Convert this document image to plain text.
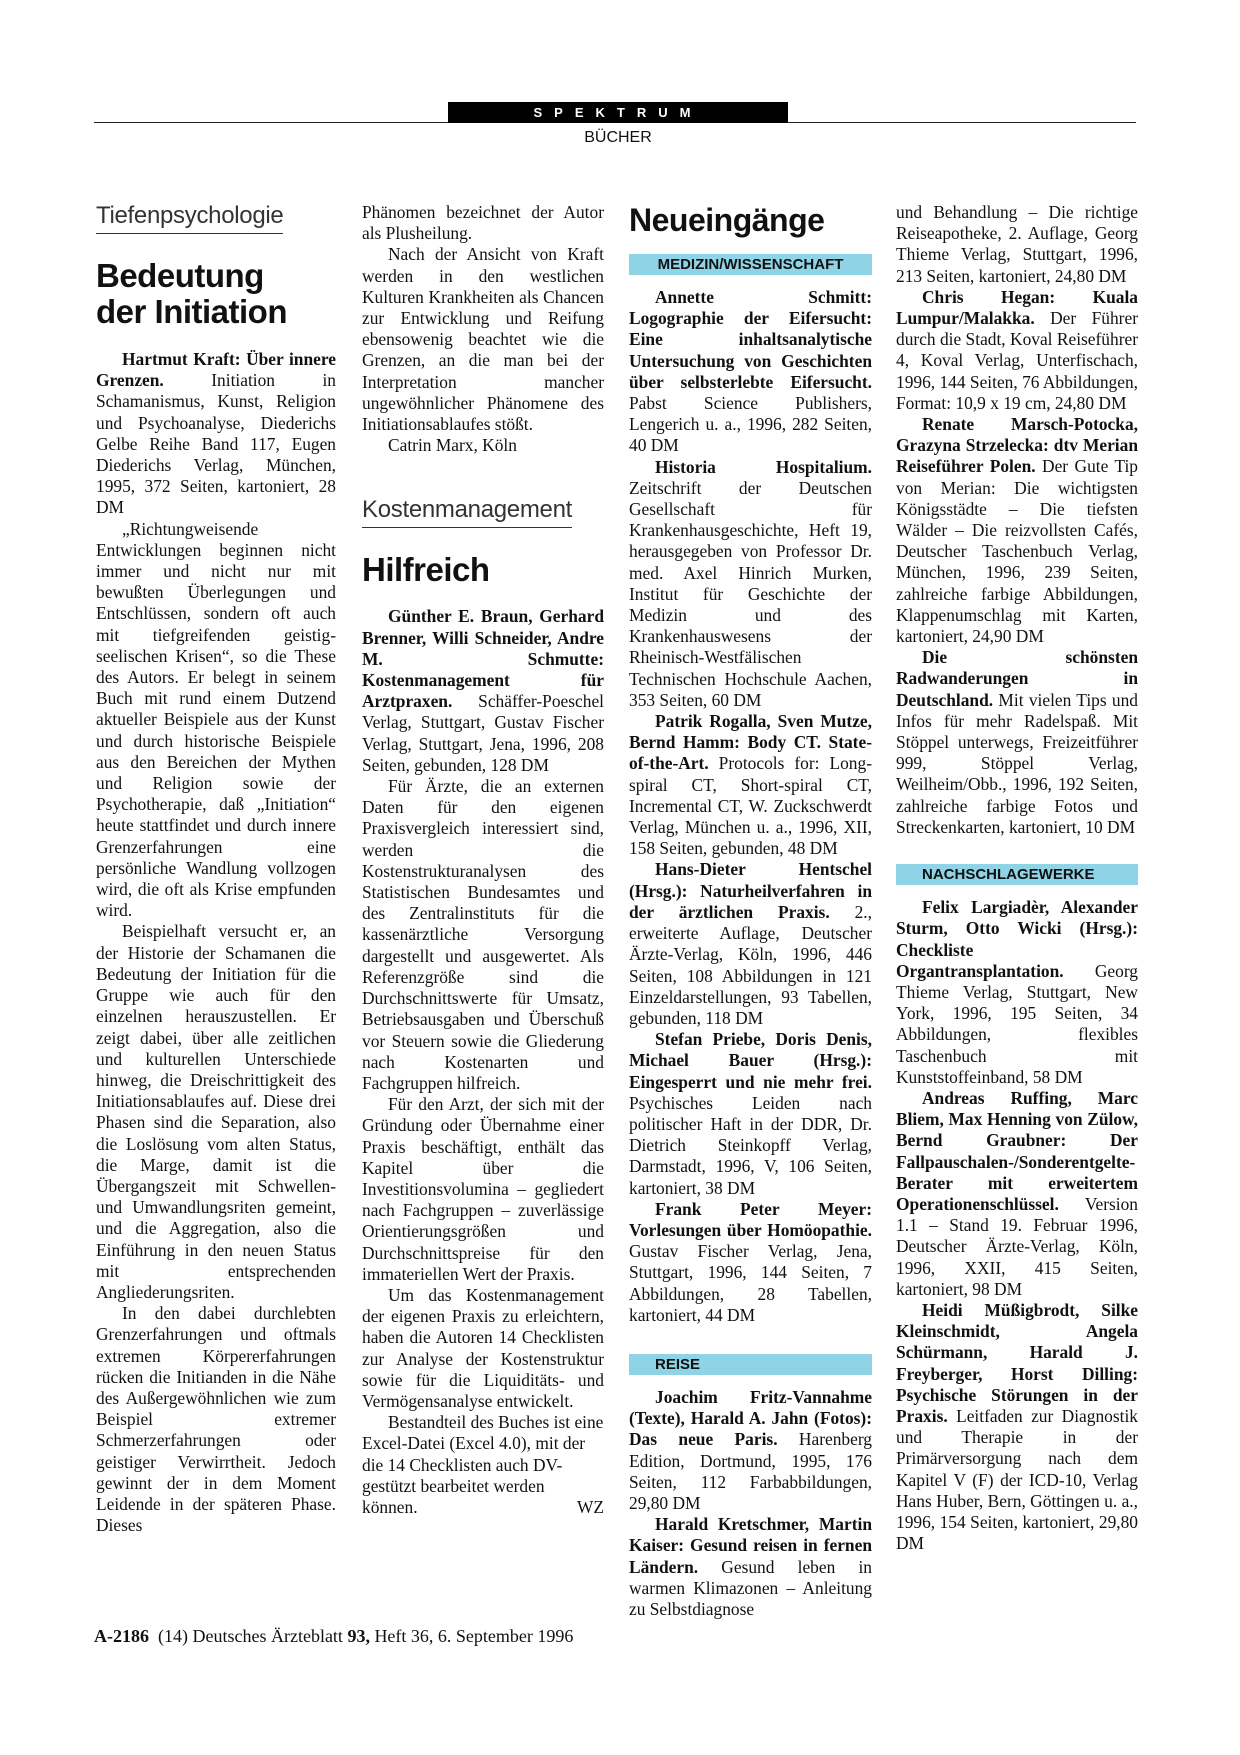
SPEKTRUM
BÜCHER
Tiefenpsychologie
Bedeutung
der Initiation

Hartmut Kraft: Über innere Grenzen. Initiation in Schamanismus, Kunst, Religion und Psychoanalyse, Diederichs Gelbe Reihe Band 117, Eugen Diederichs Verlag, München, 1995, 372 Seiten, kartoniert, 28 DM

„Richtungweisende Entwicklungen beginnen nicht immer und nicht nur mit bewußten Überlegungen und Entschlüssen, sondern oft auch mit tiefgreifenden geistig-seelischen Krisen“, so die These des Autors. Er belegt in seinem Buch mit rund einem Dutzend aktueller Beispiele aus der Kunst und durch historische Beispiele aus den Bereichen der Mythen und Religion sowie der Psychotherapie, daß „Initiation“ heute stattfindet und durch innere Grenzerfahrungen eine persönliche Wandlung vollzogen wird, die oft als Krise empfunden wird.

Beispielhaft versucht er, an der Historie der Schamanen die Bedeutung der Initiation für die Gruppe wie auch für den einzelnen herauszustellen. Er zeigt dabei, über alle zeitlichen und kulturellen Unterschiede hinweg, die Dreischrittigkeit des Initiationsablaufes auf. Diese drei Phasen sind die Separation, also die Loslösung vom alten Status, die Marge, damit ist die Übergangszeit mit Schwellen- und Umwandlungsriten gemeint, und die Aggregation, also die Einführung in den neuen Status mit entsprechenden Angliederungsriten.

In den dabei durchlebten Grenzerfahrungen und oftmals extremen Körpererfahrungen rücken die Initianden in die Nähe des Außergewöhnlichen wie zum Beispiel extremer Schmerzerfahrungen oder geistiger Verwirrtheit. Jedoch gewinnt der in dem Moment Leidende in der späteren Phase. Dieses

Phänomen bezeichnet der Autor als Plusheilung.

Nach der Ansicht von Kraft werden in den westlichen Kulturen Krankheiten als Chancen zur Entwicklung und Reifung ebensowenig beachtet wie die Grenzen, an die man bei der Interpretation mancher ungewöhnlicher Phänomene des Initiationsablaufes stößt.

Catrin Marx, Köln

Kostenmanagement
Hilfreich

Günther E. Braun, Gerhard Brenner, Willi Schneider, Andre M. Schmutte: Kostenmanagement für Arztpraxen. Schäffer-Poeschel Verlag, Stuttgart, Gustav Fischer Verlag, Stuttgart, Jena, 1996, 208 Seiten, gebunden, 128 DM

Für Ärzte, die an externen Daten für den eigenen Praxisvergleich interessiert sind, werden die Kostenstrukturanalysen des Statistischen Bundesamtes und des Zentralinstituts für die kassenärztliche Versorgung dargestellt und ausgewertet. Als Referenzgröße sind die Durchschnittswerte für Umsatz, Betriebsausgaben und Überschuß vor Steuern sowie die Gliederung nach Kostenarten und Fachgruppen hilfreich.

Für den Arzt, der sich mit der Gründung oder Übernahme einer Praxis beschäftigt, enthält das Kapitel über die Investitionsvolumina – gegliedert nach Fachgruppen – zuverlässige Orientierungsgrößen und Durchschnittspreise für den immateriellen Wert der Praxis.

Um das Kostenmanagement der eigenen Praxis zu erleichtern, haben die Autoren 14 Checklisten zur Analyse der Kostenstruktur sowie für die Liquiditäts- und Vermögensanalyse entwickelt.

Bestandteil des Buches ist eine Excel-Datei (Excel 4.0), mit der die 14 Checklisten auch DV-gestützt bearbeitet werden können.	WZ

Neueingänge
MEDIZIN/WISSENSCHAFT

Annette Schmitt: Logographie der Eifersucht: Eine inhaltsanalytische Untersuchung von Geschichten über selbsterlebte Eifersucht. Pabst Science Publishers, Lengerich u. a., 1996, 282 Seiten, 40 DM

Historia Hospitalium. Zeitschrift der Deutschen Gesellschaft für Krankenhausgeschichte, Heft 19, herausgegeben von Professor Dr. med. Axel Hinrich Murken, Institut für Geschichte der Medizin und des Krankenhauswesens der Rheinisch-Westfälischen Technischen Hochschule Aachen, 353 Seiten, 60 DM

Patrik Rogalla, Sven Mutze, Bernd Hamm: Body CT. State-of-the-Art. Protocols for: Long-spiral CT, Short-spiral CT, Incremental CT, W. Zuckschwerdt Verlag, München u. a., 1996, XII, 158 Seiten, gebunden, 48 DM

Hans-Dieter Hentschel (Hrsg.): Naturheilverfahren in der ärztlichen Praxis. 2., erweiterte Auflage, Deutscher Ärzte-Verlag, Köln, 1996, 446 Seiten, 108 Abbildungen in 121 Einzeldarstellungen, 93 Tabellen, gebunden, 118 DM

Stefan Priebe, Doris Denis, Michael Bauer (Hrsg.): Eingesperrt und nie mehr frei. Psychisches Leiden nach politischer Haft in der DDR, Dr. Dietrich Steinkopff Verlag, Darmstadt, 1996, V, 106 Seiten, kartoniert, 38 DM

Frank Peter Meyer: Vorlesungen über Homöopathie. Gustav Fischer Verlag, Jena, Stuttgart, 1996, 144 Seiten, 7 Abbildungen, 28 Tabellen, kartoniert, 44 DM

REISE

Joachim Fritz-Vannahme (Texte), Harald A. Jahn (Fotos): Das neue Paris. Harenberg Edition, Dortmund, 1995, 176 Seiten, 112 Farbabbildungen, 29,80 DM

Harald Kretschmer, Martin Kaiser: Gesund reisen in fernen Ländern. Gesund leben in warmen Klimazonen – Anleitung zu Selbstdiagnose

und Behandlung – Die richtige Reiseapotheke, 2. Auflage, Georg Thieme Verlag, Stuttgart, 1996, 213 Seiten, kartoniert, 24,80 DM

Chris Hegan: Kuala Lumpur/Malakka. Der Führer durch die Stadt, Koval Reiseführer 4, Koval Verlag, Unterfischach, 1996, 144 Seiten, 76 Abbildungen, Format: 10,9 x 19 cm, 24,80 DM

Renate Marsch-Potocka, Grazyna Strzelecka: dtv Merian Reiseführer Polen. Der Gute Tip von Merian: Die wichtigsten Königsstädte – Die tiefsten Wälder – Die reizvollsten Cafés, Deutscher Taschenbuch Verlag, München, 1996, 239 Seiten, zahlreiche farbige Abbildungen, Klappenumschlag mit Karten, kartoniert, 24,90 DM

Die schönsten Radwanderungen in Deutschland. Mit vielen Tips und Infos für mehr Radelspaß. Mit Stöppel unterwegs, Freizeitführer 999, Stöppel Verlag, Weilheim/Obb., 1996, 192 Seiten, zahlreiche farbige Fotos und Streckenkarten, kartoniert, 10 DM

NACHSCHLAGEWERKE

Felix Largiadèr, Alexander Sturm, Otto Wicki (Hrsg.): Checkliste Organtransplantation. Georg Thieme Verlag, Stuttgart, New York, 1996, 195 Seiten, 34 Abbildungen, flexibles Taschenbuch mit Kunststoffeinband, 58 DM

Andreas Ruffing, Marc Bliem, Max Henning von Zülow, Bernd Graubner: Der Fallpauschalen-/Sonderentgelte-Berater mit erweitertem Operationenschlüssel. Version 1.1 – Stand 19. Februar 1996, Deutscher Ärzte-Verlag, Köln, 1996, XXII, 415 Seiten, kartoniert, 98 DM

Heidi Müßigbrodt, Silke Kleinschmidt, Angela Schürmann, Harald J. Freyberger, Horst Dilling: Psychische Störungen in der Praxis. Leitfaden zur Diagnostik und Therapie in der Primärversorgung nach dem Kapitel V (F) der ICD-10, Verlag Hans Huber, Bern, Göttingen u. a., 1996, 154 Seiten, kartoniert, 29,80 DM

A-2186 (14) Deutsches Ärzteblatt 93, Heft 36, 6. September 1996
